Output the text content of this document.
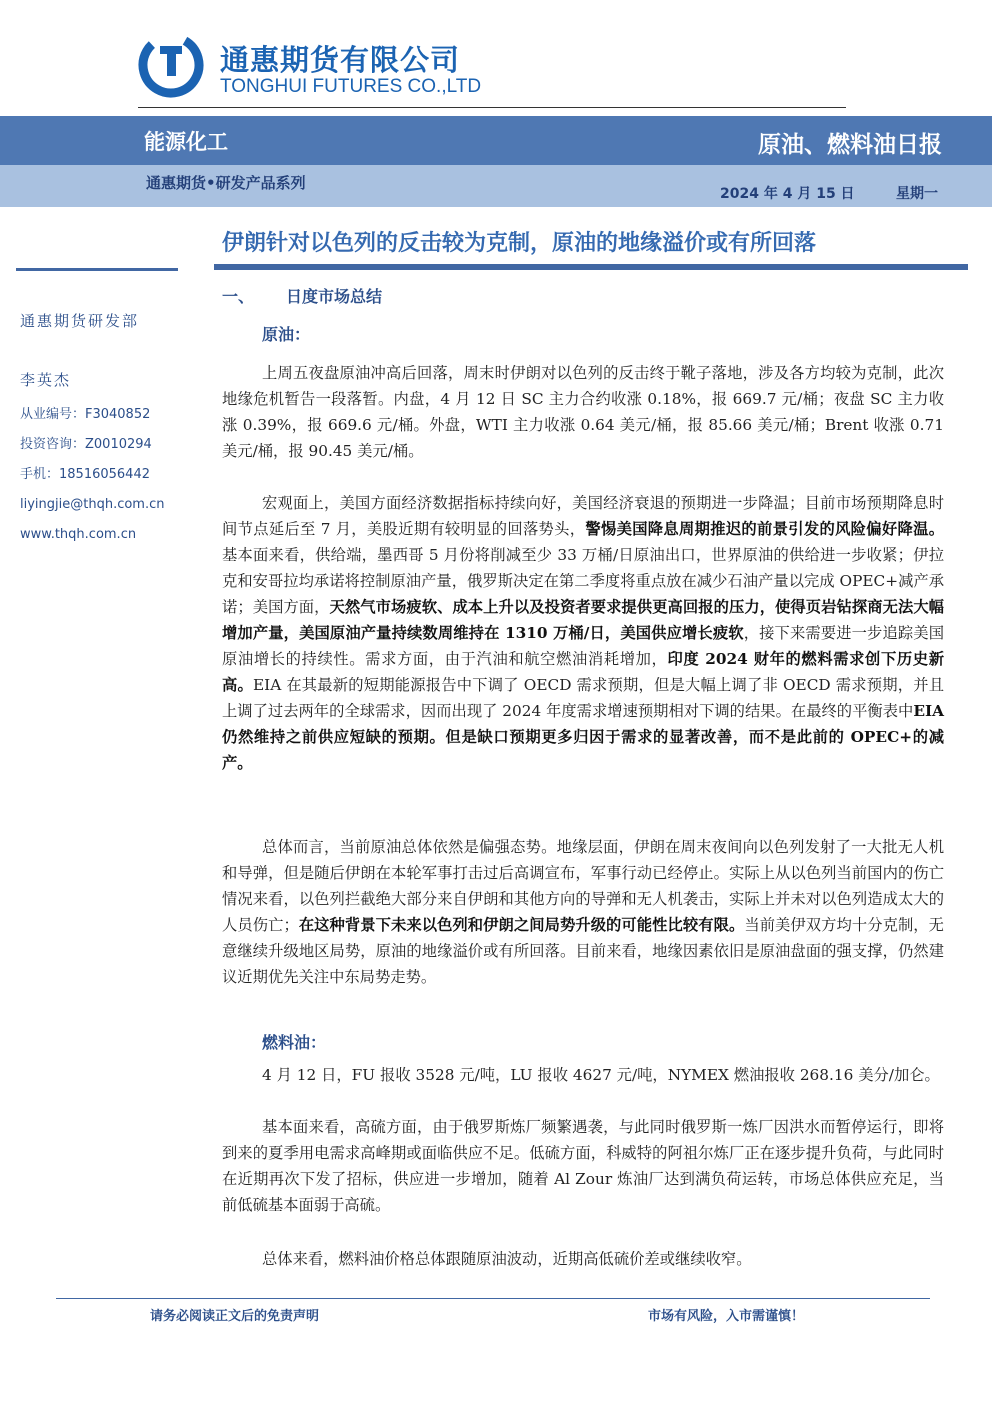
通惠期货有限公司
TONGHUI FUTURES CO.,LTD
能源化工	原油、燃料油日报
通惠期货•研发产品系列
2024 年 4 月 15 日	星期一
伊朗针对以色列的反击较为克制，原油的地缘溢价或有所回落
通惠期货研发部
李英杰
从业编号：F3040852
投资咨询：Z0010294
手机：18516056442
liyingjie@thqh.com.cn
www.thqh.com.cn
一、 日度市场总结
原油：
上周五夜盘原油冲高后回落，周末时伊朗对以色列的反击终于靴子落地，涉及各方均较为克制，此次地缘危机暂告一段落暂。内盘，4 月 12 日 SC 主力合约收涨 0.18%，报 669.7 元/桶；夜盘 SC 主力收涨 0.39%，报 669.6 元/桶。外盘，WTI 主力收涨 0.64 美元/桶，报 85.66 美元/桶；Brent 收涨 0.71 美元/桶，报 90.45 美元/桶。
宏观面上，美国方面经济数据指标持续向好，美国经济衰退的预期进一步降温；目前市场预期降息时间节点延后至 7 月，美股近期有较明显的回落势头，警惕美国降息周期推迟的前景引发的风险偏好降温。基本面来看，供给端，墨西哥 5 月份将削减至少 33 万桶/日原油出口，世界原油的供给进一步收紧；伊拉克和安哥拉均承诺将控制原油产量，俄罗斯决定在第二季度将重点放在减少石油产量以完成 OPEC+减产承诺；美国方面，天然气市场疲软、成本上升以及投资者要求提供更高回报的压力，使得页岩钻探商无法大幅增加产量，美国原油产量持续数周维持在 1310 万桶/日，美国供应增长疲软，接下来需要进一步追踪美国原油增长的持续性。需求方面，由于汽油和航空燃油消耗增加，印度 2024 财年的燃料需求创下历史新高。EIA 在其最新的短期能源报告中下调了 OECD 需求预期，但是大幅上调了非 OECD 需求预期，并且上调了过去两年的全球需求，因而出现了 2024 年度需求增速预期相对下调的结果。在最终的平衡表中EIA 仍然维持之前供应短缺的预期。但是缺口预期更多归因于需求的显著改善，而不是此前的 OPEC+的减产。
总体而言，当前原油总体依然是偏强态势。地缘层面，伊朗在周末夜间向以色列发射了一大批无人机和导弹，但是随后伊朗在本轮军事打击过后高调宣布，军事行动已经停止。实际上从以色列当前国内的伤亡情况来看，以色列拦截绝大部分来自伊朗和其他方向的导弹和无人机袭击，实际上并未对以色列造成太大的人员伤亡；在这种背景下未来以色列和伊朗之间局势升级的可能性比较有限。当前美伊双方均十分克制，无意继续升级地区局势，原油的地缘溢价或有所回落。目前来看，地缘因素依旧是原油盘面的强支撑，仍然建议近期优先关注中东局势走势。
燃料油：
4 月 12 日，FU 报收 3528 元/吨，LU 报收 4627 元/吨，NYMEX 燃油报收 268.16 美分/加仑。
基本面来看，高硫方面，由于俄罗斯炼厂频繁遇袭，与此同时俄罗斯一炼厂因洪水而暂停运行，即将到来的夏季用电需求高峰期或面临供应不足。低硫方面，科威特的阿祖尔炼厂正在逐步提升负荷，与此同时在近期再次下发了招标，供应进一步增加，随着 Al Zour 炼油厂达到满负荷运转，市场总体供应充足，当前低硫基本面弱于高硫。
总体来看，燃料油价格总体跟随原油波动，近期高低硫价差或继续收窄。
请务必阅读正文后的免责声明	市场有风险，入市需谨慎！
